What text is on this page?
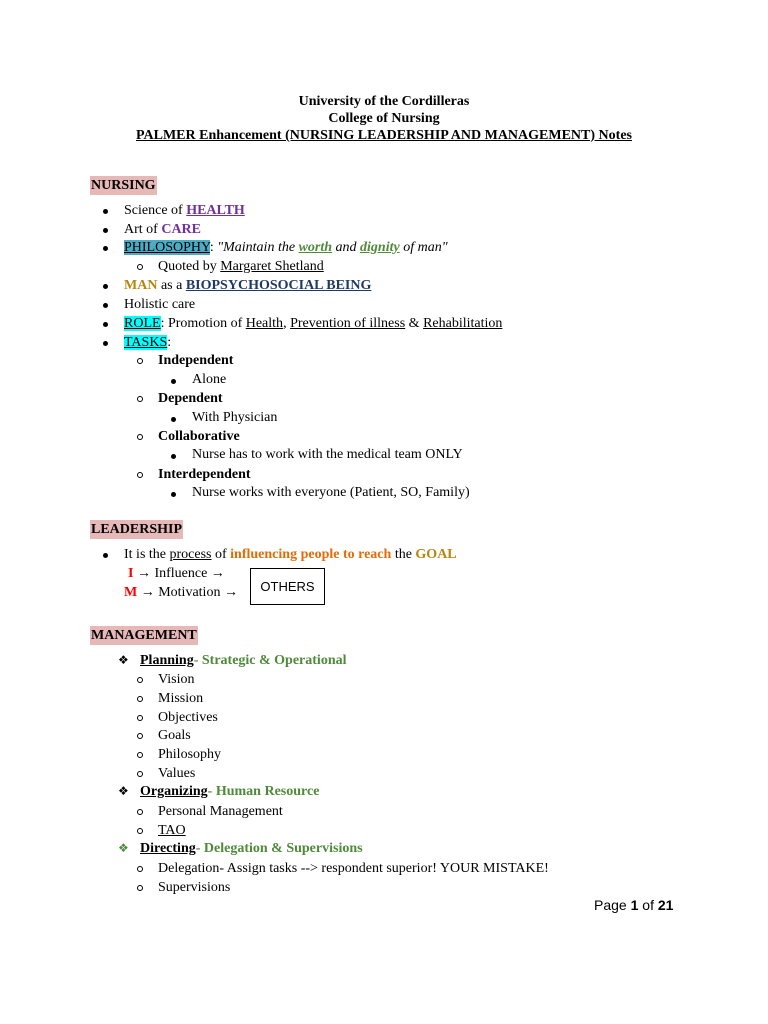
University of the Cordilleras
College of Nursing
PALMER Enhancement (NURSING LEADERSHIP AND MANAGEMENT) Notes
NURSING
Science of HEALTH
Art of CARE
PHILOSOPHY: "Maintain the worth and dignity of man"
Quoted by Margaret Shetland
MAN as a BIOPSYCHOSOCIAL BEING
Holistic care
ROLE: Promotion of Health, Prevention of illness & Rehabilitation
TASKS:
Independent
Alone
Dependent
With Physician
Collaborative
Nurse has to work with the medical team ONLY
Interdependent
Nurse works with everyone (Patient, SO, Family)
LEADERSHIP
It is the process of influencing people to reach the GOAL
I → Influence →
M → Motivation →	OTHERS
MANAGEMENT
❖ Planning- Strategic & Operational
Vision
Mission
Objectives
Goals
Philosophy
Values
❖ Organizing- Human Resource
Personal Management
TAO
❖ Directing- Delegation & Supervisions
Delegation- Assign tasks --> respondent superior! YOUR MISTAKE!
Supervisions
Page 1 of 21
